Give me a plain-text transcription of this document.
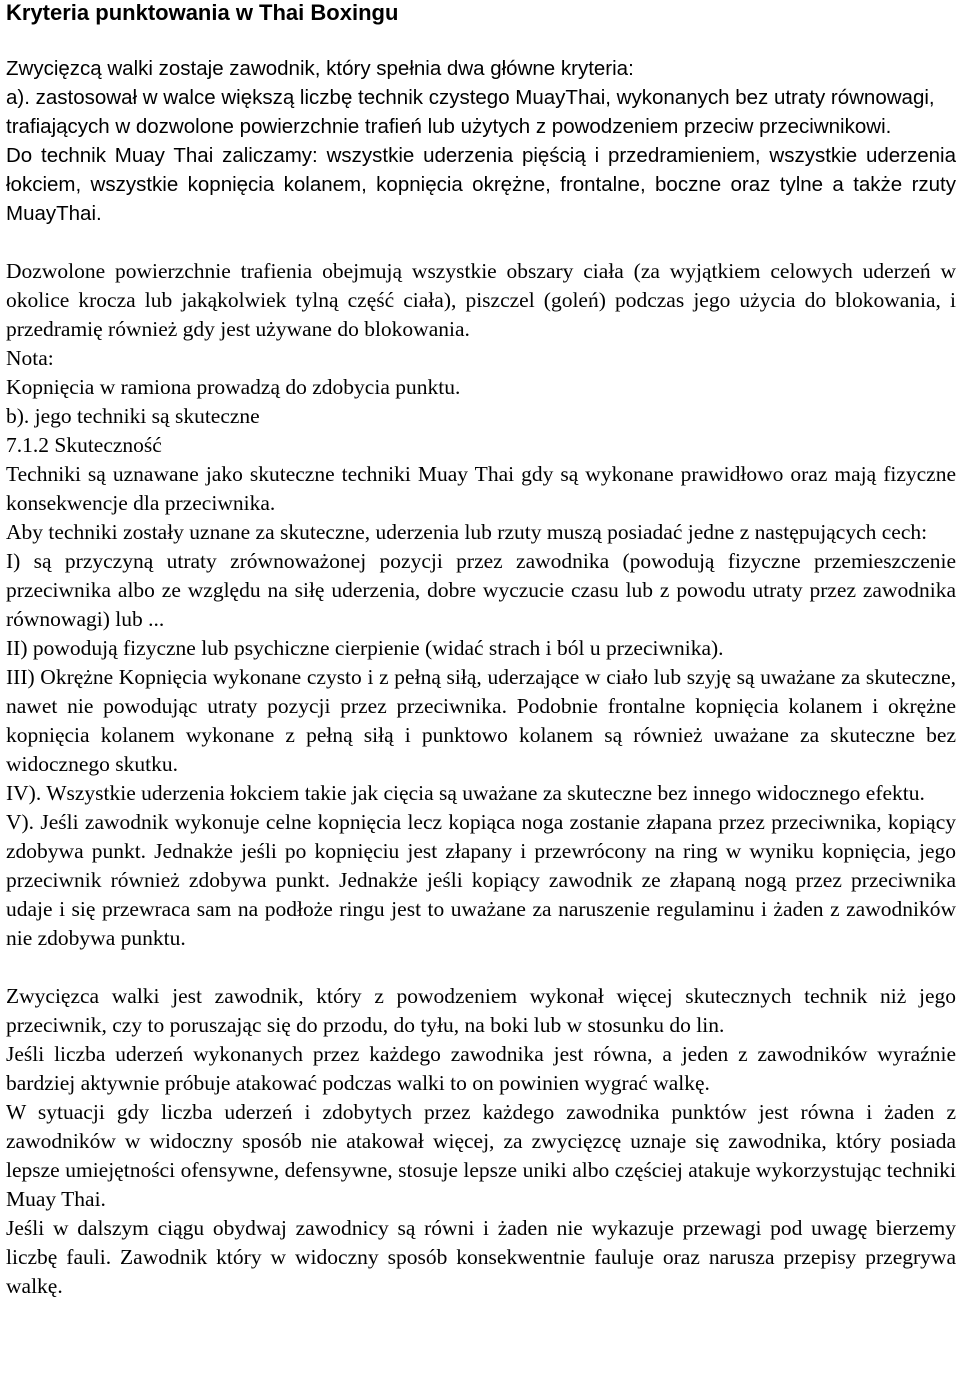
Kryteria punktowania w Thai Boxingu

Zwycięzcą walki zostaje zawodnik, który spełnia dwa główne kryteria:

a). zastosował w walce większą liczbę technik czystego MuayThai, wykonanych bez utraty równowagi, trafiających w dozwolone powierzchnie trafień lub użytych z powodzeniem przeciw przeciwnikowi.

Do technik Muay Thai zaliczamy: wszystkie uderzenia pięścią i przedramieniem, wszystkie uderzenia łokciem, wszystkie kopnięcia kolanem, kopnięcia okrężne, frontalne, boczne oraz tylne a także rzuty MuayThai.

Dozwolone powierzchnie trafienia obejmują wszystkie obszary ciała (za wyjątkiem celowych uderzeń w okolice krocza lub jakąkolwiek tylną część ciała), piszczel (goleń) podczas jego użycia do blokowania, i przedramię również gdy jest używane do blokowania.

Nota:

Kopnięcia w ramiona prowadzą do zdobycia punktu.

b). jego techniki są skuteczne

7.1.2 Skuteczność

Techniki są uznawane jako skuteczne techniki Muay Thai gdy są wykonane prawidłowo oraz mają fizyczne konsekwencje dla przeciwnika.

Aby techniki zostały uznane za skuteczne, uderzenia lub rzuty muszą posiadać jedne z następujących cech:

I) są przyczyną utraty zrównoważonej pozycji przez zawodnika (powodują fizyczne przemieszczenie przeciwnika albo ze względu na siłę uderzenia, dobre wyczucie czasu lub z powodu utraty przez zawodnika równowagi) lub ...

II) powodują fizyczne lub psychiczne cierpienie (widać strach i ból u przeciwnika).

III) Okrężne Kopnięcia wykonane czysto i z pełną siłą, uderzające w ciało lub szyję są uważane za skuteczne, nawet nie powodując utraty pozycji przez przeciwnika. Podobnie frontalne kopnięcia kolanem i okrężne kopnięcia kolanem wykonane z pełną siłą i punktowo kolanem są również uważane za skuteczne bez widocznego skutku.

IV). Wszystkie uderzenia łokciem takie jak cięcia są uważane za skuteczne bez innego widocznego efektu.

V). Jeśli zawodnik wykonuje celne kopnięcia lecz kopiąca noga zostanie złapana przez przeciwnika, kopiący zdobywa punkt. Jednakże jeśli po kopnięciu jest złapany i przewrócony na ring w wyniku kopnięcia, jego przeciwnik również zdobywa punkt. Jednakże jeśli kopiący zawodnik ze złapaną nogą przez przeciwnika udaje i się przewraca sam na podłoże ringu jest to uważane za naruszenie regulaminu i żaden z zawodników nie zdobywa punktu.

Zwycięzca walki jest zawodnik, który z powodzeniem wykonał więcej skutecznych technik niż jego przeciwnik, czy to poruszając się do przodu, do tyłu, na boki lub w stosunku do lin.

Jeśli liczba uderzeń wykonanych przez każdego zawodnika jest równa, a jeden z zawodników wyraźnie bardziej aktywnie próbuje atakować podczas walki to on powinien wygrać walkę.

W sytuacji gdy liczba uderzeń i zdobytych przez każdego zawodnika punktów jest równa i żaden z zawodników w widoczny sposób nie atakował więcej, za zwycięzcę uznaje się zawodnika, który posiada lepsze umiejętności ofensywne, defensywne, stosuje lepsze uniki albo częściej atakuje wykorzystując techniki Muay Thai.

Jeśli w dalszym ciągu obydwaj zawodnicy są równi i żaden nie wykazuje przewagi pod uwagę bierzemy liczbę fauli. Zawodnik który w widoczny sposób konsekwentnie fauluje oraz narusza przepisy przegrywa walkę.
